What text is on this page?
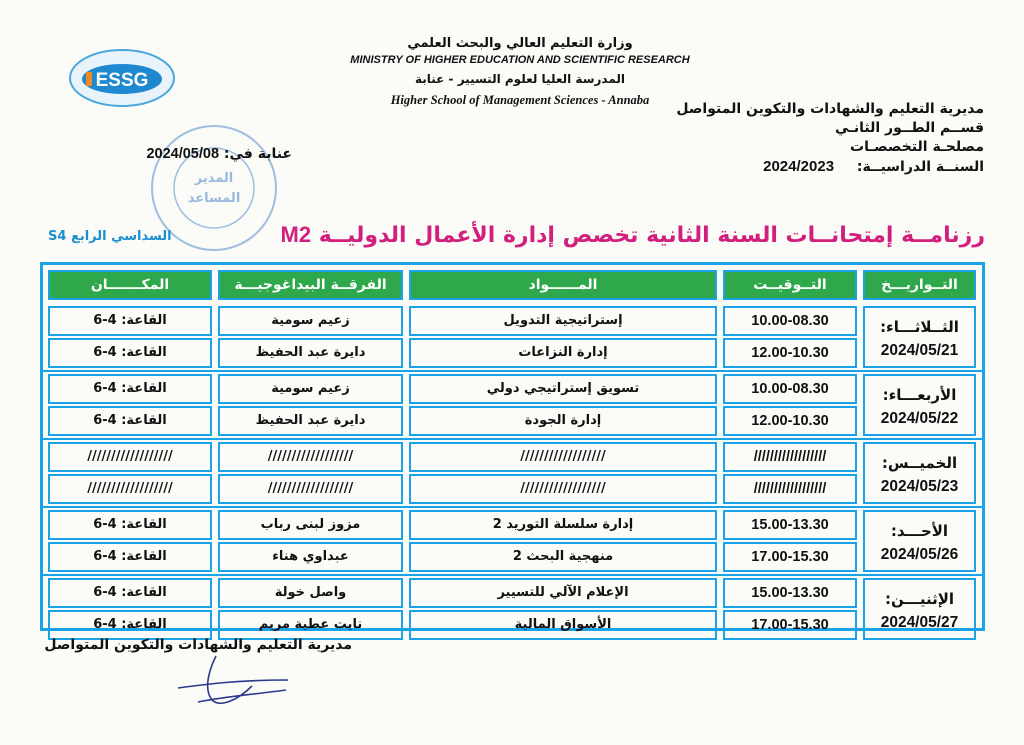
ESSG
وزارة التعليم العالي والبحث العلمي
MINISTRY OF HIGHER EDUCATION AND SCIENTIFIC RESEARCH
المدرسة العليا لعلوم التسيير - عنابة
Higher School of Management Sciences - Annaba
مديرية التعليم والشهادات والتكوين المتواصل
قســم الطــور الثانـي
مصلحـة التخصصـات
السنــة الدراسيــة: 2024/2023
المدير
المساعد
عنابة في: 2024/05/08
رزنامــة إمتحانــات السنة الثانية تخصص إدارة الأعمال الدوليــة M2
السداسي الرابع S4
التــواريـــخ
التــوقيــت
المــــــواد
الفرقــة البيداغوجيـــة
المكـــــــان
10.00-08.30
إستراتيجية التدويل
زعيم سومية
القاعة: 4-6
12.00-10.30
إدارة النزاعات
دايرة عبد الحفيظ
القاعة: 4-6
الثــلاثـــاء:
2024/05/21
10.00-08.30
تسويق إستراتيجي دولي
زعيم سومية
القاعة: 4-6
12.00-10.30
إدارة الجودة
دايرة عبد الحفيظ
القاعة: 4-6
الأربعـــاء:
2024/05/22
//////////////////
//////////////////
//////////////////
//////////////////
//////////////////
//////////////////
//////////////////
//////////////////
الخميــس:
2024/05/23
15.00-13.30
إدارة سلسلة التوريد 2
مزوز لبنى رباب
القاعة: 4-6
17.00-15.30
منهجية البحث 2
عبداوي هناء
القاعة: 4-6
الأحـــد:
2024/05/26
15.00-13.30
الإعلام الآلي للتسيير
واصل خولة
القاعة: 4-6
17.00-15.30
الأسواق المالية
نايت عطية مريم
القاعة: 4-6
الإثنيـــن:
2024/05/27
مديرية التعليم والشهادات والتكوين المتواصل
